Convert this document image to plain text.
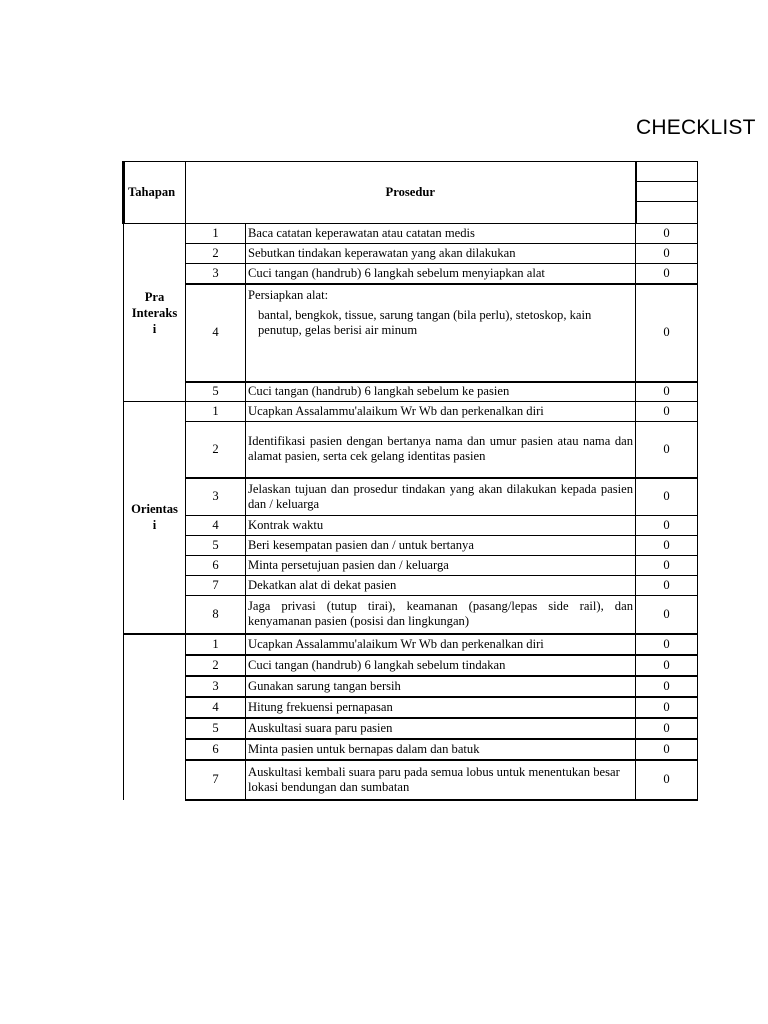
CHECKLIST
Tahapan	Prosedur		

Pra
Interaks
i	1	Baca catatan keperawatan atau catatan medis	0
	2	Sebutkan tindakan keperawatan yang akan dilakukan	0
	3	Cuci tangan (handrub) 6 langkah sebelum menyiapkan alat	0
	4	Persiapkan alat:
bantal, bengkok, tissue, sarung tangan (bila perlu), stetoskop, kain penutup, gelas berisi air minum	0
	5	Cuci tangan (handrub) 6 langkah sebelum ke pasien	0

Orientas
i	1	Ucapkan Assalammu'alaikum Wr Wb dan perkenalkan diri	0
	2	Identifikasi pasien dengan bertanya nama dan umur pasien atau nama dan alamat pasien, serta cek gelang identitas pasien	0
	3	Jelaskan tujuan dan prosedur tindakan yang akan dilakukan kepada pasien dan / keluarga	0
	4	Kontrak waktu	0
	5	Beri kesempatan pasien dan / untuk bertanya	0
	6	Minta persetujuan pasien dan / keluarga	0
	7	Dekatkan alat di dekat pasien	0
	8	Jaga privasi (tutup tirai), keamanan (pasang/lepas side rail), dan kenyamanan pasien (posisi dan lingkungan)	0
	1	Ucapkan Assalammu'alaikum Wr Wb dan perkenalkan diri	0
	2	Cuci tangan (handrub) 6 langkah sebelum tindakan	0
	3	Gunakan sarung tangan bersih	0
	4	Hitung frekuensi pernapasan	0
	5	Auskultasi suara paru pasien	0
	6	Minta pasien untuk bernapas dalam dan batuk	0
	7	Auskultasi kembali suara paru pada semua lobus untuk menentukan besar lokasi bendungan dan sumbatan	0
